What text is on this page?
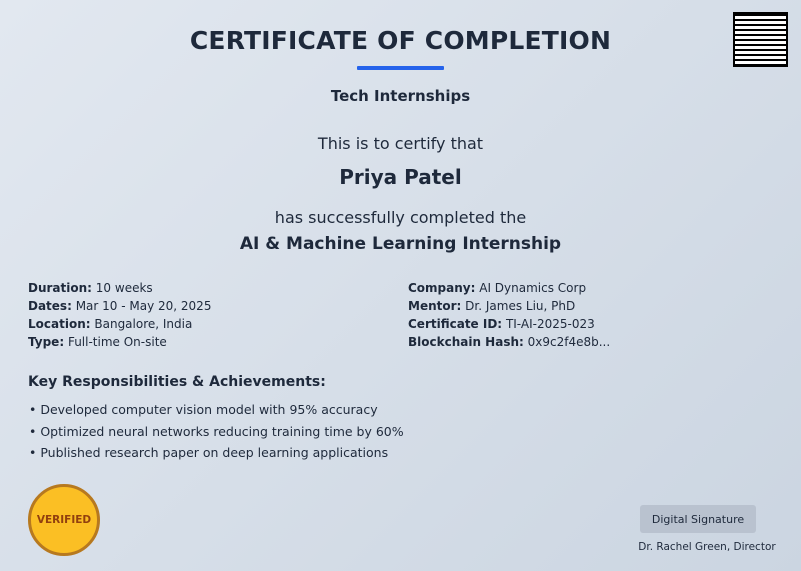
CERTIFICATE OF COMPLETION
Tech Internships
This is to certify that
Priya Patel
has successfully completed the
AI & Machine Learning Internship
Duration: 10 weeks
Dates: Mar 10 - May 20, 2025
Location: Bangalore, India
Type: Full-time On-site
Company: AI Dynamics Corp
Mentor: Dr. James Liu, PhD
Certificate ID: TI-AI-2025-023
Blockchain Hash: 0x9c2f4e8b...
Key Responsibilities & Achievements:
• Developed computer vision model with 95% accuracy
• Optimized neural networks reducing training time by 60%
• Published research paper on deep learning applications
VERIFIED	Digital Signature
Dr. Rachel Green, Director
